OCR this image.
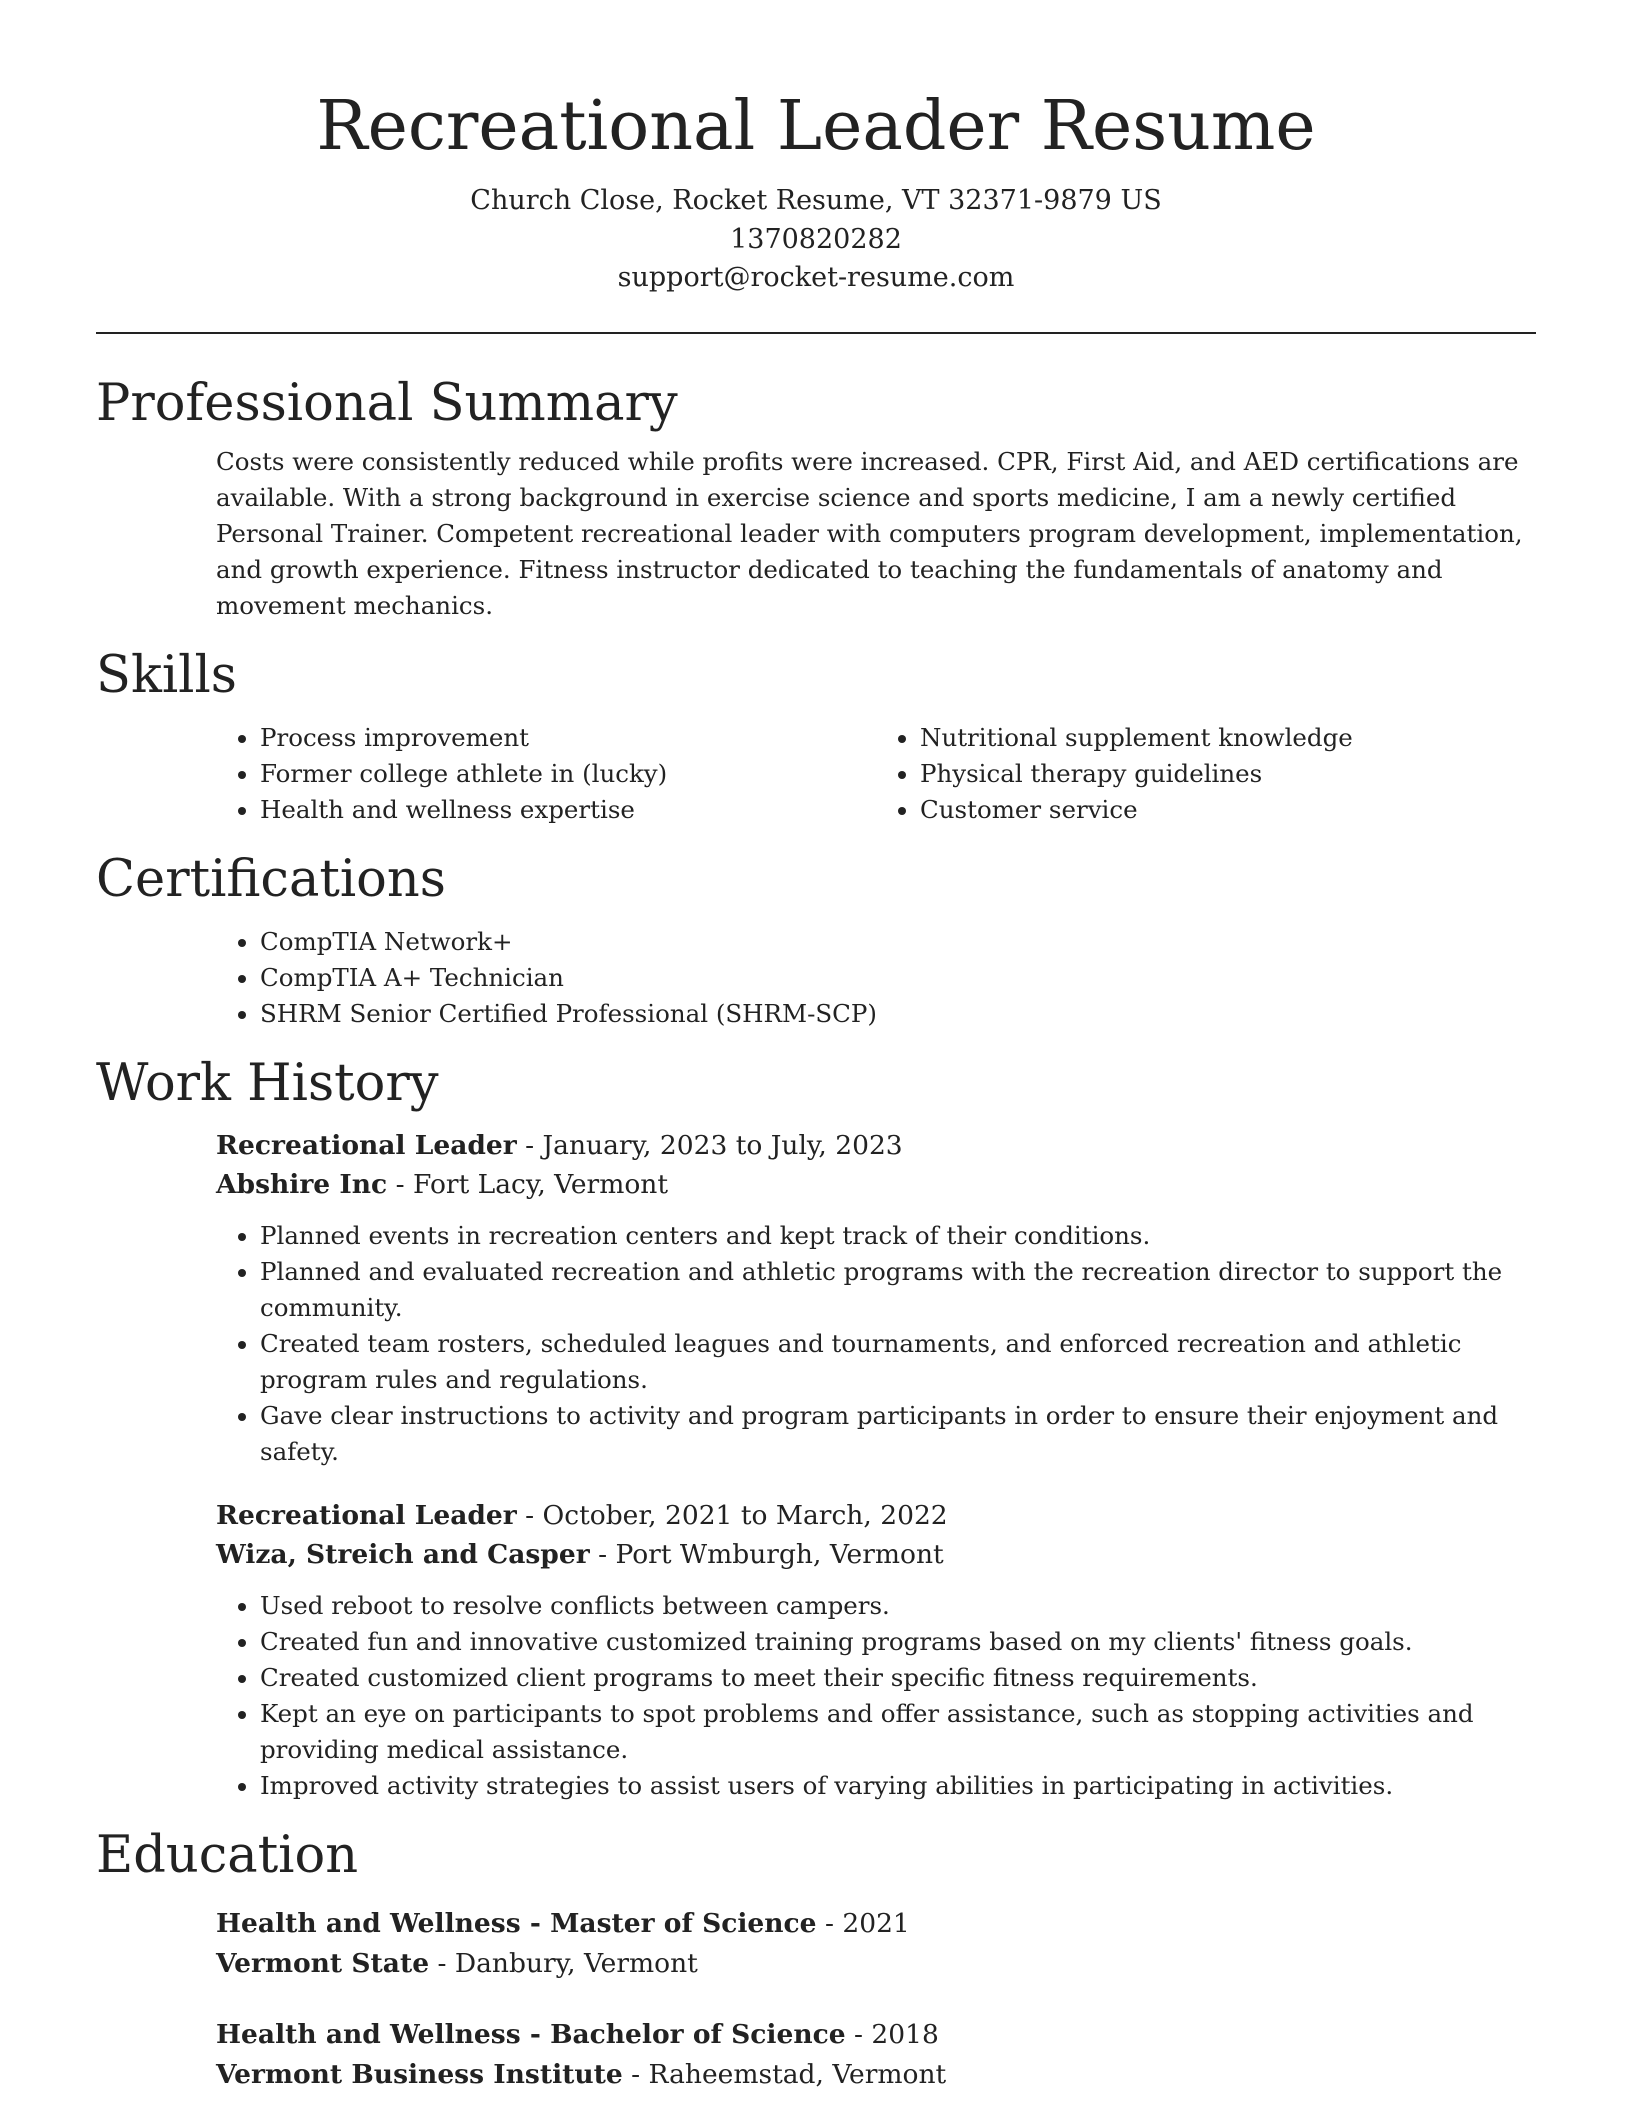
Recreational Leader Resume
Church Close, Rocket Resume, VT 32371-9879 US
1370820282
support@rocket-resume.com
Professional Summary

Costs were consistently reduced while profits were increased. CPR, First Aid, and AED certifications are available. With a strong background in exercise science and sports medicine, I am a newly certified Personal Trainer. Competent recreational leader with computers program development, implementation, and growth experience. Fitness instructor dedicated to teaching the fundamentals of anatomy and movement mechanics.

Skills
• Process improvement
• Former college athlete in (lucky)
• Health and wellness expertise
• Nutritional supplement knowledge
• Physical therapy guidelines
• Customer service
Certifications
• CompTIA Network+
• CompTIA A+ Technician
• SHRM Senior Certified Professional (SHRM-SCP)
Work History
Recreational Leader - January, 2023 to July, 2023
Abshire Inc - Fort Lacy, Vermont
• Planned events in recreation centers and kept track of their conditions.
• Planned and evaluated recreation and athletic programs with the recreation director to support the community.
• Created team rosters, scheduled leagues and tournaments, and enforced recreation and athletic program rules and regulations.
• Gave clear instructions to activity and program participants in order to ensure their enjoyment and safety.
Recreational Leader - October, 2021 to March, 2022
Wiza, Streich and Casper - Port Wmburgh, Vermont
• Used reboot to resolve conflicts between campers.
• Created fun and innovative customized training programs based on my clients' fitness goals.
• Created customized client programs to meet their specific fitness requirements.
• Kept an eye on participants to spot problems and offer assistance, such as stopping activities and providing medical assistance.
• Improved activity strategies to assist users of varying abilities in participating in activities.
Education
Health and Wellness - Master of Science - 2021
Vermont State - Danbury, Vermont
Health and Wellness - Bachelor of Science - 2018
Vermont Business Institute - Raheemstad, Vermont
